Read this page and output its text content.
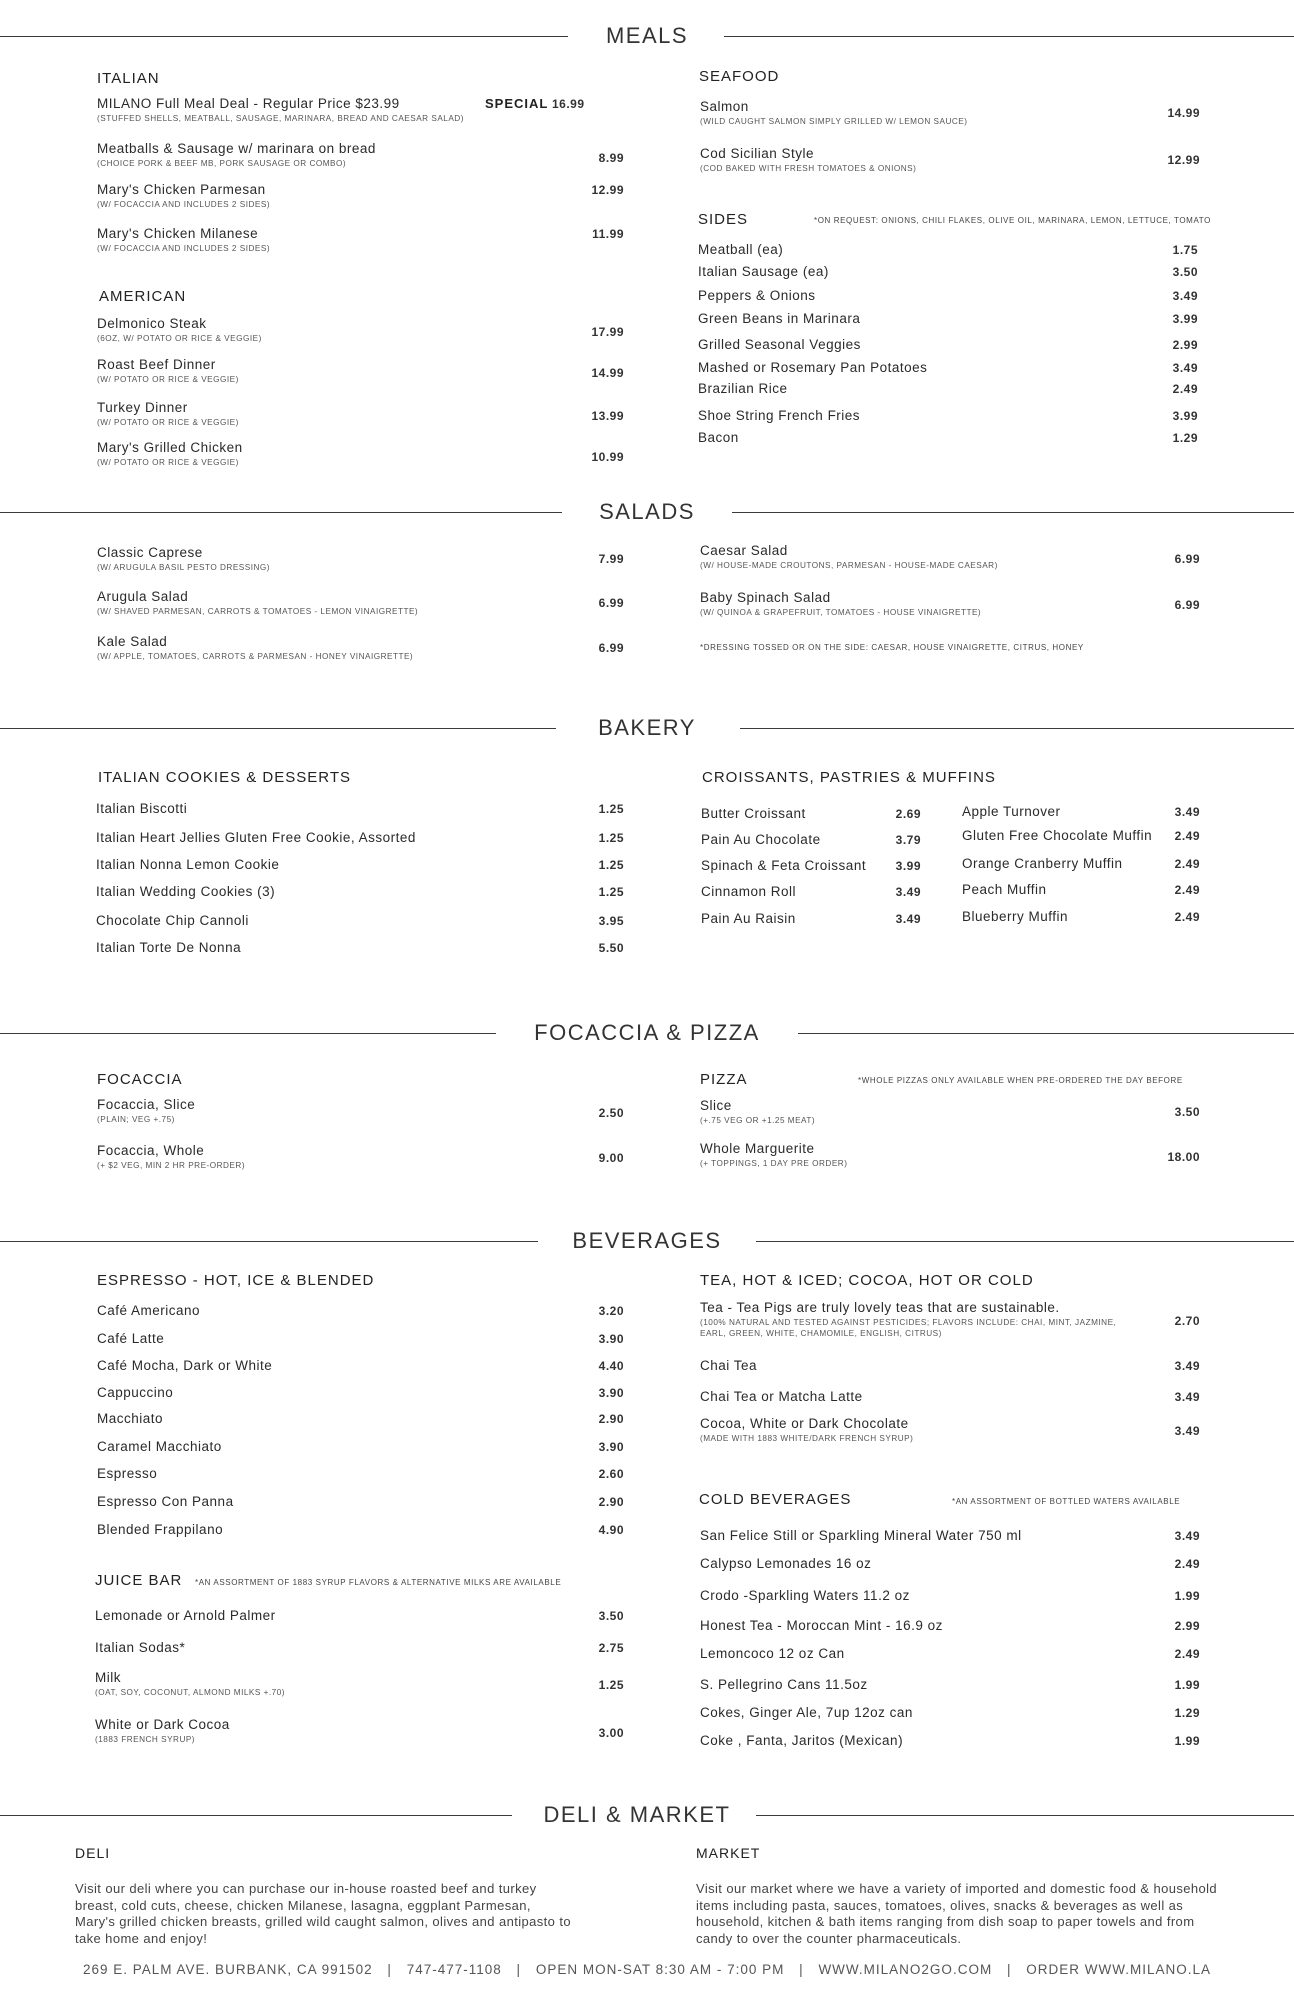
MEALS
ITALIAN
MILANO Full Meal Deal - Regular Price $23.99
(STUFFED SHELLS, MEATBALL, SAUSAGE, MARINARA, BREAD AND CAESAR SALAD)
SPECIAL 16.99
Meatballs & Sausage w/ marinara on bread
(CHOICE PORK & BEEF MB, PORK SAUSAGE OR COMBO)	8.99
Mary's Chicken Parmesan
(W/ FOCACCIA AND INCLUDES 2 SIDES)
12.99
Mary's Chicken Milanese
(W/ FOCACCIA AND INCLUDES 2 SIDES)
11.99
AMERICAN
Delmonico Steak
(6OZ, W/ POTATO OR RICE & VEGGIE)	17.99
Roast Beef Dinner
(W/ POTATO OR RICE & VEGGIE)	14.99
Turkey Dinner
(W/ POTATO OR RICE & VEGGIE)	13.99
Mary's Grilled Chicken
(W/ POTATO OR RICE & VEGGIE)	10.99
SEAFOOD
Salmon
(WILD CAUGHT SALMON SIMPLY GRILLED W/ LEMON SAUCE)
14.99
Cod Sicilian Style
(COD BAKED WITH FRESH TOMATOES & ONIONS)
12.99
SIDES	*ON REQUEST: ONIONS, CHILI FLAKES, OLIVE OIL, MARINARA, LEMON, LETTUCE, TOMATO
Meatball (ea)	1.75
Italian Sausage (ea)	3.50
Peppers & Onions	3.49
Green Beans in Marinara	3.99
Grilled Seasonal Veggies	2.99
Mashed or Rosemary Pan Potatoes	3.49
Brazilian Rice	2.49
Shoe String French Fries	3.99
Bacon	1.29
SALADS
Classic Caprese
(W/ ARUGULA BASIL PESTO DRESSING)
7.99
Arugula Salad
(W/ SHAVED PARMESAN, CARROTS & TOMATOES - LEMON VINAIGRETTE)
6.99
Kale Salad
(W/ APPLE, TOMATOES, CARROTS & PARMESAN - HONEY VINAIGRETTE)
6.99
Caesar Salad
(W/ HOUSE-MADE CROUTONS, PARMESAN - HOUSE-MADE CAESAR)	6.99
Baby Spinach Salad
(W/ QUINOA & GRAPEFRUIT, TOMATOES - HOUSE VINAIGRETTE)
6.99
*DRESSING TOSSED OR ON THE SIDE: CAESAR, HOUSE VINAIGRETTE, CITRUS, HONEY
BAKERY
ITALIAN COOKIES & DESSERTS
Italian Biscotti	1.25
Italian Heart Jellies Gluten Free Cookie, Assorted	1.25
Italian Nonna Lemon Cookie	1.25
Italian Wedding Cookies (3)	1.25
Chocolate Chip Cannoli	3.95
Italian Torte De Nonna	5.50
CROISSANTS, PASTRIES & MUFFINS
Butter Croissant	2.69
Pain Au Chocolate	3.79
Spinach & Feta Croissant	3.99
Cinnamon Roll	3.49
Pain Au Raisin	3.49
Apple Turnover	3.49
Gluten Free Chocolate Muffin	2.49
Orange Cranberry Muffin	2.49
Peach Muffin	2.49
Blueberry Muffin	2.49
FOCACCIA & PIZZA
FOCACCIA
Focaccia, Slice
(PLAIN; VEG +.75)	2.50
Focaccia, Whole
(+ $2 VEG, MIN 2 HR PRE-ORDER)
9.00
PIZZA	*WHOLE PIZZAS ONLY AVAILABLE WHEN PRE-ORDERED THE DAY BEFORE
Slice
(+.75 VEG OR +1.25 MEAT)
3.50
Whole Marguerite
(+ TOPPINGS, 1 DAY PRE ORDER)	18.00
BEVERAGES
ESPRESSO - HOT, ICE & BLENDED
Café Americano	3.20
Café Latte	3.90
Café Mocha, Dark or White	4.40
Cappuccino	3.90
Macchiato	2.90
Caramel Macchiato	3.90
Espresso	2.60
Espresso Con Panna	2.90
Blended Frappilano	4.90
JUICE BAR *AN ASSORTMENT OF 1883 SYRUP FLAVORS & ALTERNATIVE MILKS ARE AVAILABLE
Lemonade or Arnold Palmer	3.50
Italian Sodas*	2.75
Milk
(OAT, SOY, COCONUT, ALMOND MILKS +.70)
1.25
White or Dark Cocoa
(1883 FRENCH SYRUP)	3.00
TEA, HOT & ICED; COCOA, HOT OR COLD
Tea - Tea Pigs are truly lovely teas that are sustainable.
(100% NATURAL AND TESTED AGAINST PESTICIDES; FLAVORS INCLUDE: CHAI, MINT, JAZMINE,
EARL, GREEN, WHITE, CHAMOMILE, ENGLISH, CITRUS)
2.70
Chai Tea	3.49
Chai Tea or Matcha Latte	3.49
Cocoa, White or Dark Chocolate
(MADE WITH 1883 WHITE/DARK FRENCH SYRUP)
3.49
COLD BEVERAGES	*AN ASSORTMENT OF BOTTLED WATERS AVAILABLE
San Felice Still or Sparkling Mineral Water 750 ml	3.49
Calypso Lemonades 16 oz	2.49
Crodo -Sparkling Waters 11.2 oz	1.99
Honest Tea - Moroccan Mint - 16.9 oz	2.99
Lemoncoco 12 oz Can	2.49
S. Pellegrino Cans 11.5oz	1.99
Cokes, Ginger Ale, 7up 12oz can	1.29
Coke , Fanta, Jaritos (Mexican)	1.99
DELI & MARKET
DELI
Visit our deli where you can purchase our in-house roasted beef and turkey breast, cold cuts, cheese, chicken Milanese, lasagna, eggplant Parmesan, Mary's grilled chicken breasts, grilled wild caught salmon, olives and antipasto to take home and enjoy!
MARKET
Visit our market where we have a variety of imported and domestic food & household items including pasta, sauces, tomatoes, olives, snacks & beverages as well as household, kitchen & bath items ranging from dish soap to paper towels and from candy to over the counter pharmaceuticals.
269 E. PALM AVE. BURBANK, CA 991502 | 747-477-1108 | OPEN MON-SAT 8:30 AM - 7:00 PM | WWW.MILANO2GO.COM | ORDER WWW.MILANO.LA
